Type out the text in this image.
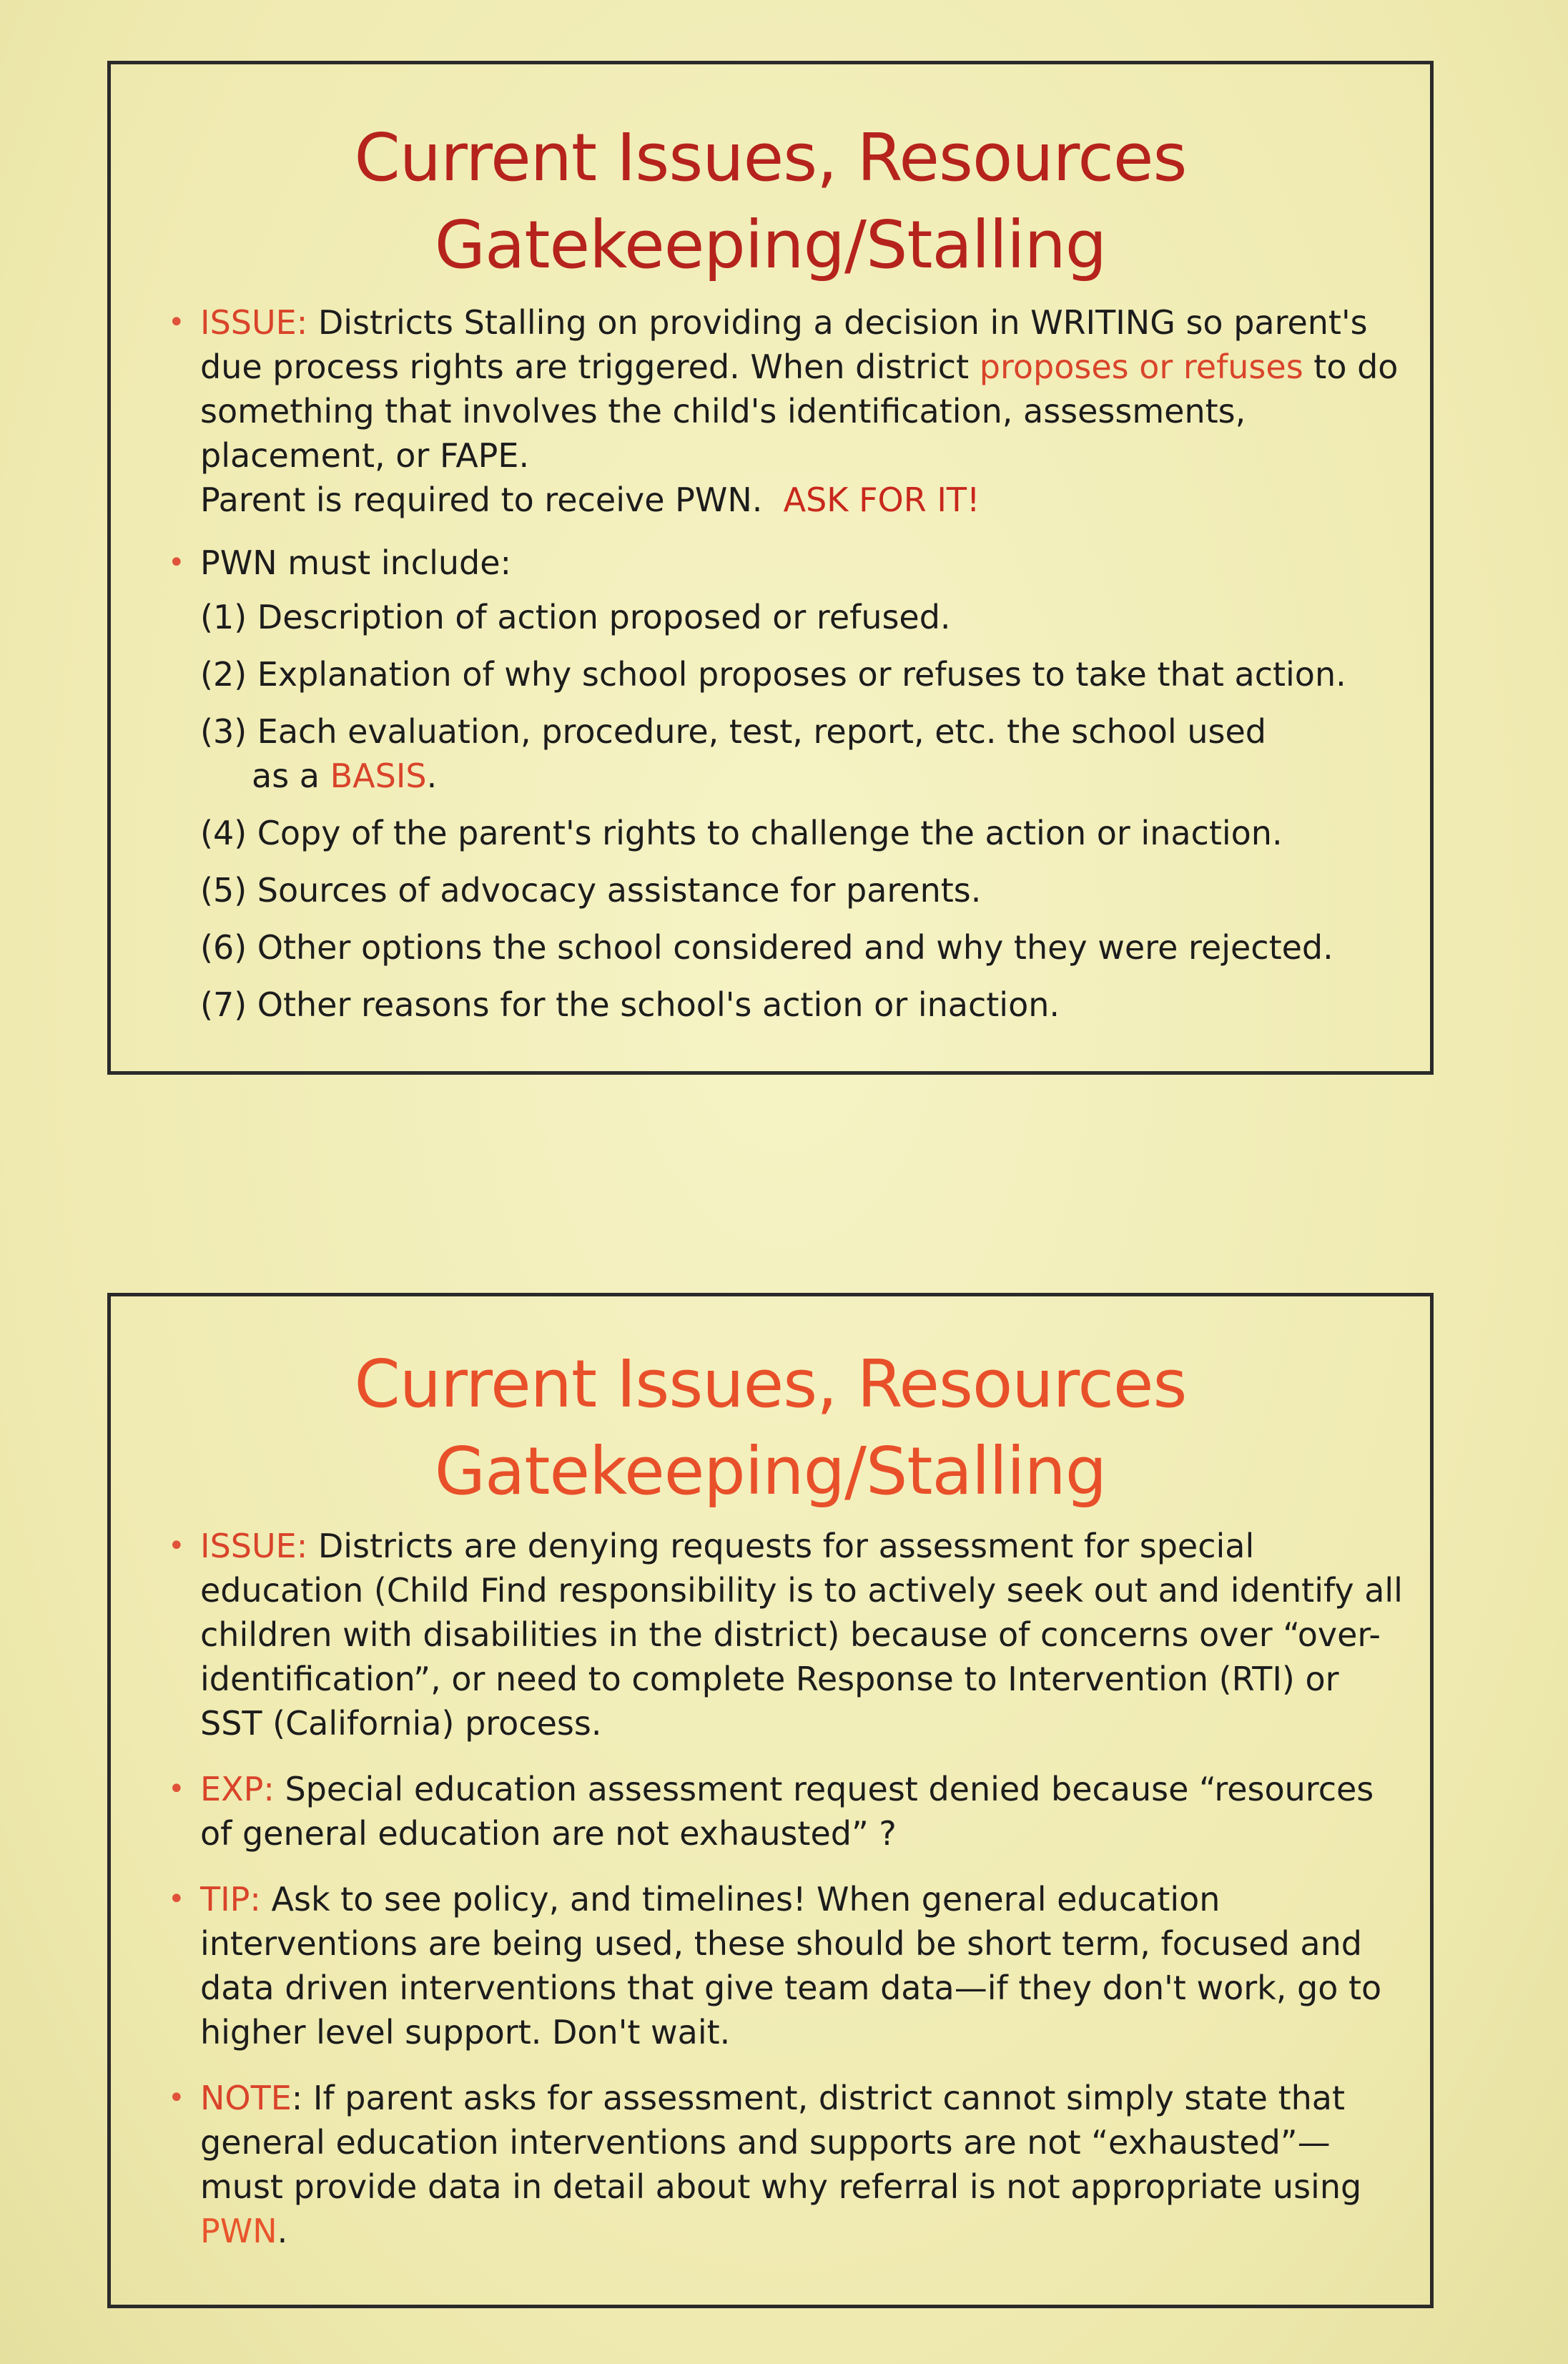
Current Issues, Resources
Gatekeeping/Stalling
• ISSUE: Districts Stalling on providing a decision in WRITING so parent's due process rights are triggered. When district proposes or refuses to do something that involves the child's identification, assessments, placement, or FAPE.
Parent is required to receive PWN. ASK FOR IT!
• PWN must include:
(1) Description of action proposed or refused.
(2) Explanation of why school proposes or refuses to take that action.
(3) Each evaluation, procedure, test, report, etc. the school used
as a BASIS.
(4) Copy of the parent's rights to challenge the action or inaction.
(5) Sources of advocacy assistance for parents.
(6) Other options the school considered and why they were rejected.
(7) Other reasons for the school's action or inaction.
Current Issues, Resources
Gatekeeping/Stalling
• ISSUE: Districts are denying requests for assessment for special education (Child Find responsibility is to actively seek out and identify all children with disabilities in the district) because of concerns over “over-identification”, or need to complete Response to Intervention (RTI) or SST (California) process.
• EXP: Special education assessment request denied because “resources of general education are not exhausted” ?
• TIP: Ask to see policy, and timelines! When general education interventions are being used, these should be short term, focused and data driven interventions that give team data—if they don't work, go to higher level support. Don't wait.
• NOTE: If parent asks for assessment, district cannot simply state that general education interventions and supports are not “exhausted”—must provide data in detail about why referral is not appropriate using PWN.
